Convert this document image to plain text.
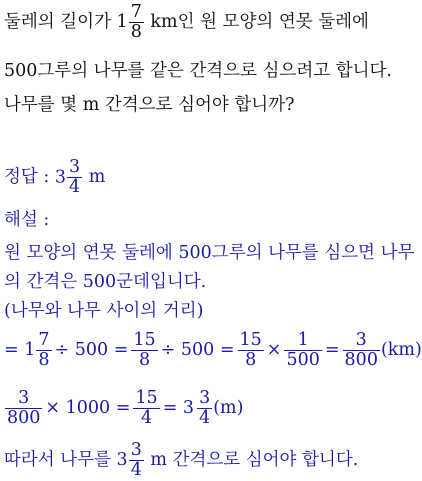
둘레의 길이가 $1 \frac{7}{8}$ km인 원 모양의 연못 둘레에
500그루의 나무를 같은 간격으로 심으려고 합니다.
나무를 몇 m 간격으로 심어야 합니까?
정답 : $3 \frac{3}{4}$ m
해설 :
원 모양의 연못 둘레에 500그루의 나무를 심으면 나무
의 간격은 500군데입니다.
(나무와 나무 사이의 거리)
= $1 \frac{7}{8} \div 500 = \frac{15}{8} \div 500 = \frac{15}{8} \times \frac{1}{500} = \frac{3}{800} (km)$
$\frac{3}{800} \times 1000 = \frac{15}{4} = 3 \frac{3}{4} (m)$
따라서 나무를 $3 \frac{3}{4}$ m 간격으로 심어야 합니다.
